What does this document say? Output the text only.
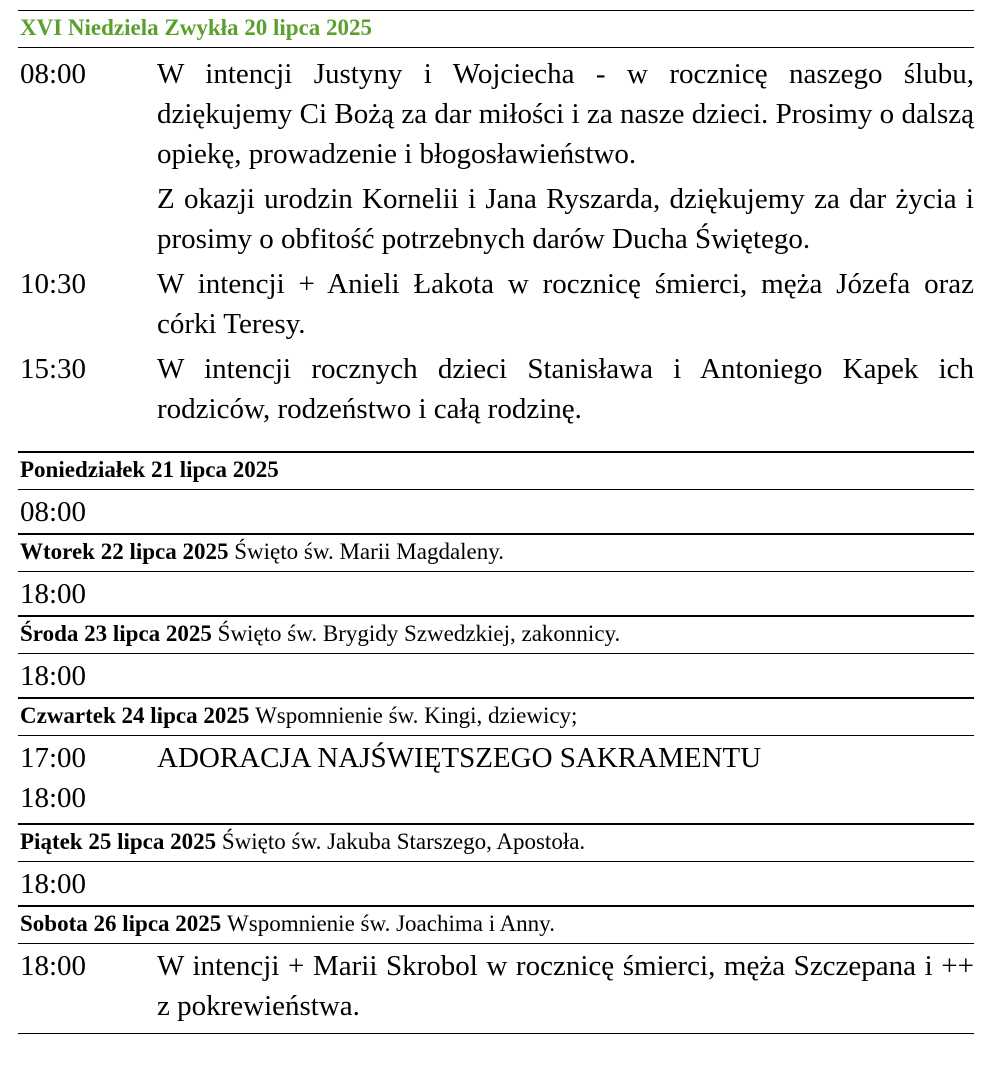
XVI Niedziela Zwykła 20 lipca 2025
08:00 W intencji Justyny i Wojciecha - w rocznicę naszego ślubu, dziękujemy Ci Bożą za dar miłości i za nasze dzieci. Prosimy o dalszą opiekę, prowadzenie i błogosławieństwo.
Z okazji urodzin Kornelii i Jana Ryszarda, dziękujemy za dar życia i prosimy o obfitość potrzebnych darów Ducha Świętego.
10:30 W intencji + Anieli Łakota w rocznicę śmierci, męża Józefa oraz córki Teresy.
15:30 W intencji rocznych dzieci Stanisława i Antoniego Kapek ich rodziców, rodzeństwo i całą rodzinę.
Poniedziałek 21 lipca 2025
08:00
Wtorek 22 lipca 2025 Święto św. Marii Magdaleny.
18:00
Środa 23 lipca 2025 Święto św. Brygidy Szwedzkiej, zakonnicy.
18:00
Czwartek 24 lipca 2025 Wspomnienie św. Kingi, dziewicy;
17:00 ADORACJA NAJŚWIĘTSZEGO SAKRAMENTU
18:00
Piątek 25 lipca 2025 Święto św. Jakuba Starszego, Apostoła.
18:00
Sobota 26 lipca 2025 Wspomnienie św. Joachima i Anny.
18:00 W intencji + Marii Skrobol w rocznicę śmierci, męża Szczepana i ++ z pokrewieństwa.
